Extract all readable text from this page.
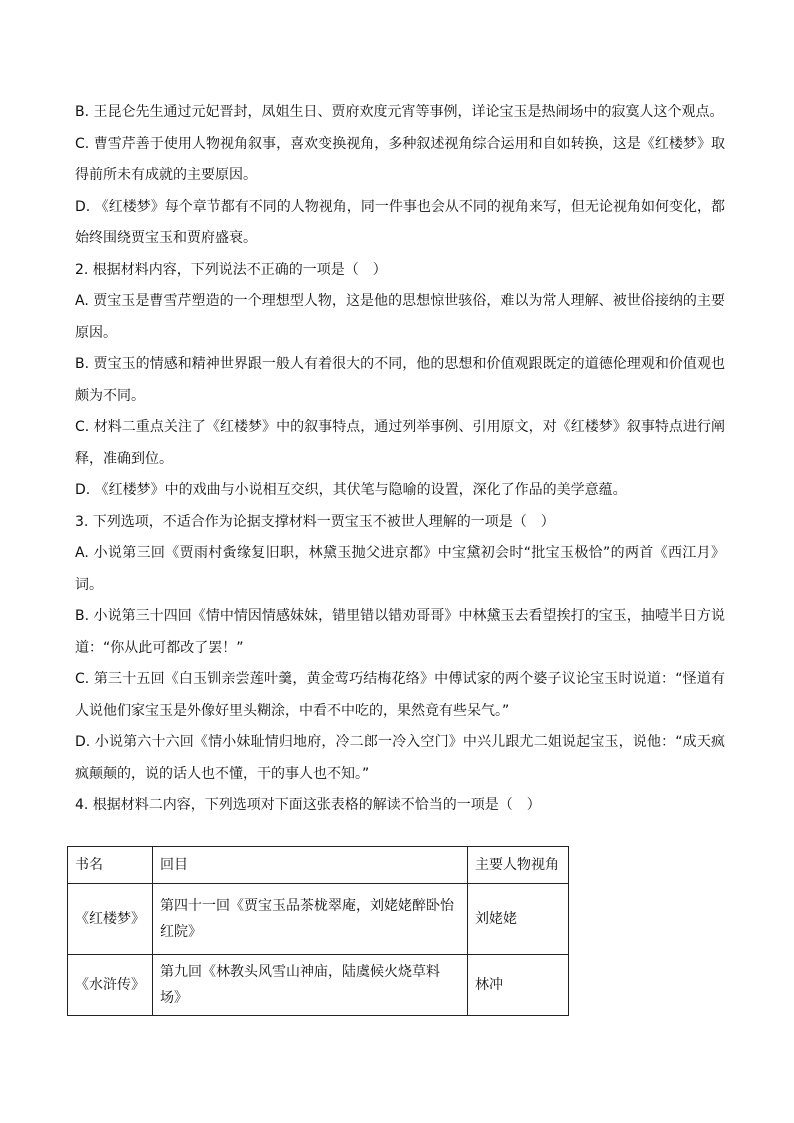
B. 王昆仑先生通过元妃晋封，凤姐生日、贾府欢度元宵等事例，详论宝玉是热闹场中的寂寞人这个观点。

C. 曹雪芹善于使用人物视角叙事，喜欢变换视角，多种叙述视角综合运用和自如转换，这是《红楼梦》取得前所未有成就的主要原因。

D. 《红楼梦》每个章节都有不同的人物视角，同一件事也会从不同的视角来写，但无论视角如何变化，都始终围绕贾宝玉和贾府盛衰。

2. 根据材料内容，下列说法不正确的一项是（　）

A. 贾宝玉是曹雪芹塑造的一个理想型人物，这是他的思想惊世骇俗，难以为常人理解、被世俗接纳的主要原因。

B. 贾宝玉的情感和精神世界跟一般人有着很大的不同，他的思想和价值观跟既定的道德伦理观和价值观也颇为不同。

C. 材料二重点关注了《红楼梦》中的叙事特点，通过列举事例、引用原文，对《红楼梦》叙事特点进行阐释，准确到位。

D. 《红楼梦》中的戏曲与小说相互交织，其伏笔与隐喻的设置，深化了作品的美学意蕴。

3. 下列选项，不适合作为论据支撑材料一贾宝玉不被世人理解的一项是（　）

A. 小说第三回《贾雨村夤缘复旧职，林黛玉抛父进京都》中宝黛初会时“批宝玉极恰”的两首《西江月》词。

B. 小说第三十四回《情中情因情感妹妹，错里错以错劝哥哥》中林黛玉去看望挨打的宝玉，抽噎半日方说道：“你从此可都改了罢！”

C. 第三十五回《白玉钏亲尝莲叶羹，黄金莺巧结梅花络》中傅试家的两个婆子议论宝玉时说道：“怪道有人说他们家宝玉是外像好里头糊涂，中看不中吃的，果然竟有些呆气。”

D. 小说第六十六回《情小妹耻情归地府，冷二郎一冷入空门》中兴儿跟尤二姐说起宝玉，说他：“成天疯疯颠颠的，说的话人也不懂，干的事人也不知。”

4. 根据材料二内容，下列选项对下面这张表格的解读不恰当的一项是（　）

书名	回目	主要人物视角
《红楼梦》	第四十一回《贾宝玉品茶栊翠庵，刘姥姥醉卧怡红院》	刘姥姥
《水浒传》	第九回《林教头风雪山神庙，陆虞候火烧草料场》	林冲
